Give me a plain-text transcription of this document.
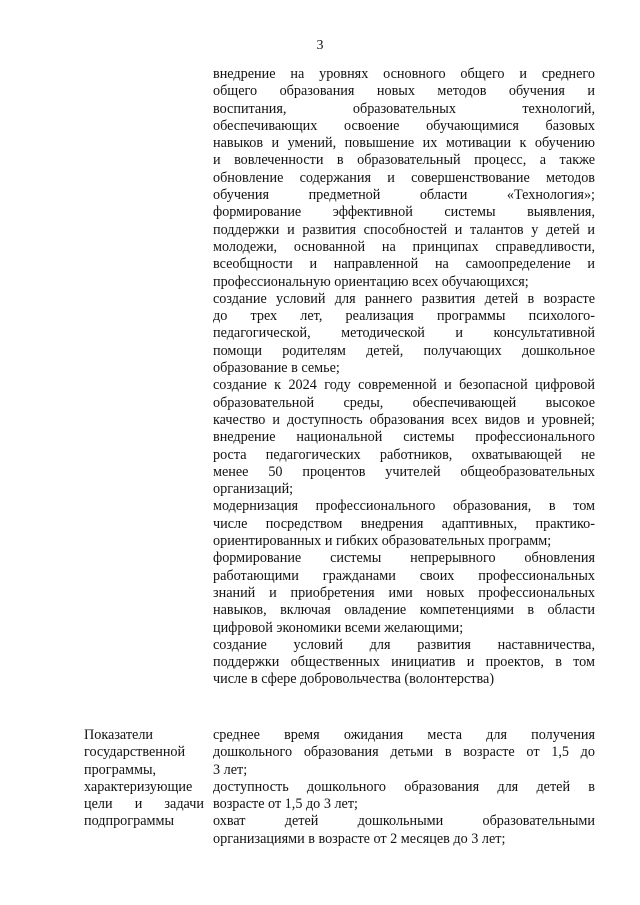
3
внедрение на уровнях основного общего и среднего
общего образования новых методов обучения и
воспитания, образовательных технологий,
обеспечивающих освоение обучающимися базовых
навыков и умений, повышение их мотивации к обучению
и вовлеченности в образовательный процесс, а также
обновление содержания и совершенствование методов
обучения предметной области «Технология»;
формирование эффективной системы выявления,
поддержки и развития способностей и талантов у детей и
молодежи, основанной на принципах справедливости,
всеобщности и направленной на самоопределение и
профессиональную ориентацию всех обучающихся;
создание условий для раннего развития детей в возрасте
до трех лет, реализация программы психолого-
педагогической, методической и консультативной
помощи родителям детей, получающих дошкольное
образование в семье;
создание к 2024 году современной и безопасной цифровой
образовательной среды, обеспечивающей высокое
качество и доступность образования всех видов и уровней;
внедрение национальной системы профессионального
роста педагогических работников, охватывающей не
менее 50 процентов учителей общеобразовательных
организаций;
модернизация профессионального образования, в том
числе посредством внедрения адаптивных, практико-
ориентированных и гибких образовательных программ;
формирование системы непрерывного обновления
работающими гражданами своих профессиональных
знаний и приобретения ими новых профессиональных
навыков, включая овладение компетенциями в области
цифровой экономики всеми желающими;
создание условий для развития наставничества,
поддержки общественных инициатив и проектов, в том
числе в сфере добровольчества (волонтерства)
Показатели
государственной
программы,
характеризующие
цели и задачи
подпрограммы
среднее время ожидания места для получения
дошкольного образования детьми в возрасте от 1,5 до
3 лет;
доступность дошкольного образования для детей в
возрасте от 1,5 до 3 лет;
охват детей дошкольными образовательными
организациями в возрасте от 2 месяцев до 3 лет;
